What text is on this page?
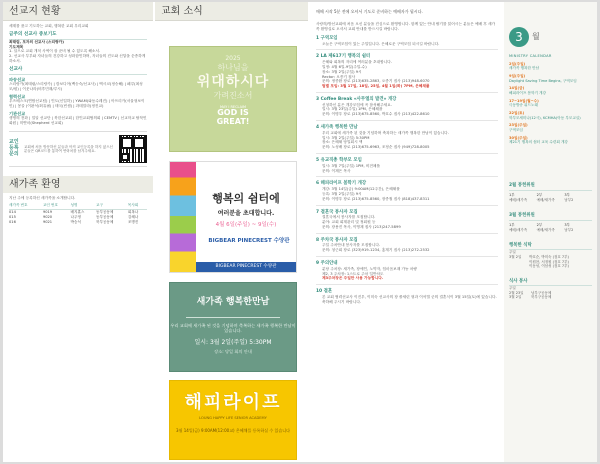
선교지 현황
세계를 품고 기도하는 교회, 행복한 교회 우리교회
금주의 선교사 중보기도
최태림, 모자의 선교사 (스리랑카)
기도제목
1. 알으로 교회 개척 사역이 잘 준비 될 수 있도록 해소서.
2. 선교사 부부와 자녀들의 건강하고 성화함인하며, 자녀들의 진도와 신앙을 순종하게 하소서.
선교사
파송선교
스리랑카(최태림/스리랑카) | 캄보디아(백승숙/선교사) | 멕시코(정승해) | 페루(최성모/원) | 이웃나라(비후민재/루시)
협력선교
우즈베스크(연합선교팀) | 인도(신입하) | YWAM(와동수레진) | 아프리카(서울형보이민) | 몽골 (이완석/최유필) | 태국(빈셈) | 과테말라(정진교)
기관선교
생명의 전화 | 밀알 선교단 | 북한선교회 | 한인교회협의회 | CEMTV | 선교학교 탈북민 회원 | 미얀마(Shepherd 선교회)
교인 등록 문의
교회에 처음 방문하신 분들과 아직 교인등록을 하지 않으신 분들은 QR코드를 통하여 연락처를 남겨주세요.
새가족 환영
지난 주에 등록하신 새가족을 소개합니다.
새가족 번호	교인 번호	성명	교구	목사회
014	9019	배지훈스	동부공동체	회복나
015	9020	나주영	동부공동체	김혜나
016	9021	박승석	북부공동체	조병진
교회 소식
2025
하나님을
위대하시다
가려진소서
MAY I RECLAIM
GOD IS
GREAT!
행복의 쉼터에
여러분을 초대합니다.
4월 6일(주일) ~ 9일(수)
BIGBEAR PINECREST 수양관
BIGBEAR PINECREST 수양관
새가족 행복한만남
우리 교회에 새가족 된 것을 기념하며 축복하는 새가족 행복한 만남이 있습니다.
일시: 3월 2일(주일) 5:30PM
장소: 당일 회의 안내
해피라이프
LOUNG HAPPY LIFE SENIOR ACADEMY
3월 14일(금) 9:00AM(12:00교) 은혜채플 등록하실 수 있습니다
매해 시작 5분 전에 오셔서 기도로 준비하는 예배자가 됩시다.
사랑의/방선교회에 처음 오신 분들을 진심으로 환영합니다. 함께 있는 안내 팔기를 읽어시는 분들은 예배 후 새가족 환영실로 오셔서 교회 안내를 받으시길 바랍니다.
1 구역모임
오늘은 구역모임이 있는 주일입니다. 은혜로운 구역모임 되시길 바랍니다.
2 LA 제617기 행복의 쉼터
은혜와 회복의 자리에 여러분을 초대합니다.
일정: 4월 6일-9일(주일-수)
장소: 3월 2일(주일) 9시
Rector: 오종기 집사
문의: 정종환 장로 (213)635-2863, 오종기 집사 (213)948-6070
팀별 모임: 3월 17일, 18일, 25일, 4월 1일(화) 7PM, 은혜채플
3 Coffee Break «사무엘의 발견» 개강
신청하신 분은 개강모임에 꼭 참석해주세요.
일시: 3월 23일(주일) 1PM, 은혜채플
문의: 이명우 장로 (213)675-8560, 박호수 집사 (213)422-8610
4 새가족 행복한 만남
우리 교회에 새가족 된 것을 기념하며 축복하는 새가족 행복한 만남이 있습니다.
일시: 3월 2일(주일) 5:30PM
장소: 은혜채 당일회시 액
문의: 노성배 장로 (213)675-6963, 조정순 집사 (949)728-8005
5 유교직총 학부모 모임
일시: 3월 7일(주일) 1PM, 비전채플
문의: 이재은 목사
6 해피라이프 봄학기 개강
개강: 3월 14일(금) 9:00AM(12주간), 은혜채플
등록: 3월 2일(주일) 9시
문의: 이명우 장로 (213)675-8560, 장종철 집사 (818)437-8311
7 결혼국 봉사자 모집
결혼국에서 봉사자를 모집합니다.
분야: 교회 회계관리 및 정회원 등
문의: 장용진 목사, 이영재 집사 (213)247-5899
8 주차국 봉사자 모집
주일 주차안내 봉사자를 모집합니다.
문의: 청근회 장로 (323)919-1234, 홍계기 집사 (213)272-2532
9 주의안내
분당 주차장: 새가족, 장애인, 노약자, 임마음보재 가능 차량
제2, 3 주차장: 1스트로 주차 일반차도
제3주차장은 주일만 사용 가능합니다.
10 결혼
본 교회 협력선교사 이진우, 이미숙 선교사의 장 졸세린 형과 이석열 군의 결혼식이 3월 15일(토)에 있습니다. 축하해 주시기 바랍니다.
3	월
MINISTRY CALENDAR
2일(주일)
새가족 행복한 만남
9일(주일)
Daylight Saving Time Begins, 구역모임
14일(금)
해피라이프 봄학기 개강
17~19일(월~수)
극동방송 위드노래
22일(토)
학부모세미나(12시), KCMHA(아동 부모교실)
23일(주일)
구역모임
30일(주일)
제21기 행복의 쉼터 교육 수련회 개강
2월 봉헌위원
1부	2부	3부
예배/새가족	예배/새가족	남부2
3월 봉헌위원
1부	2부	3부
예배/새가족	예배/새가족	남부2
행복한 식탁
주일
3월 2일	박호순, 박미숙 (점호 7부)
이원찬, 서정원 (점호 7부)
이동성, 이삼성 (점호 7부)
식사 봉사
주일
2월 23일	남부구공동체
3월 2일	북부구공동체
